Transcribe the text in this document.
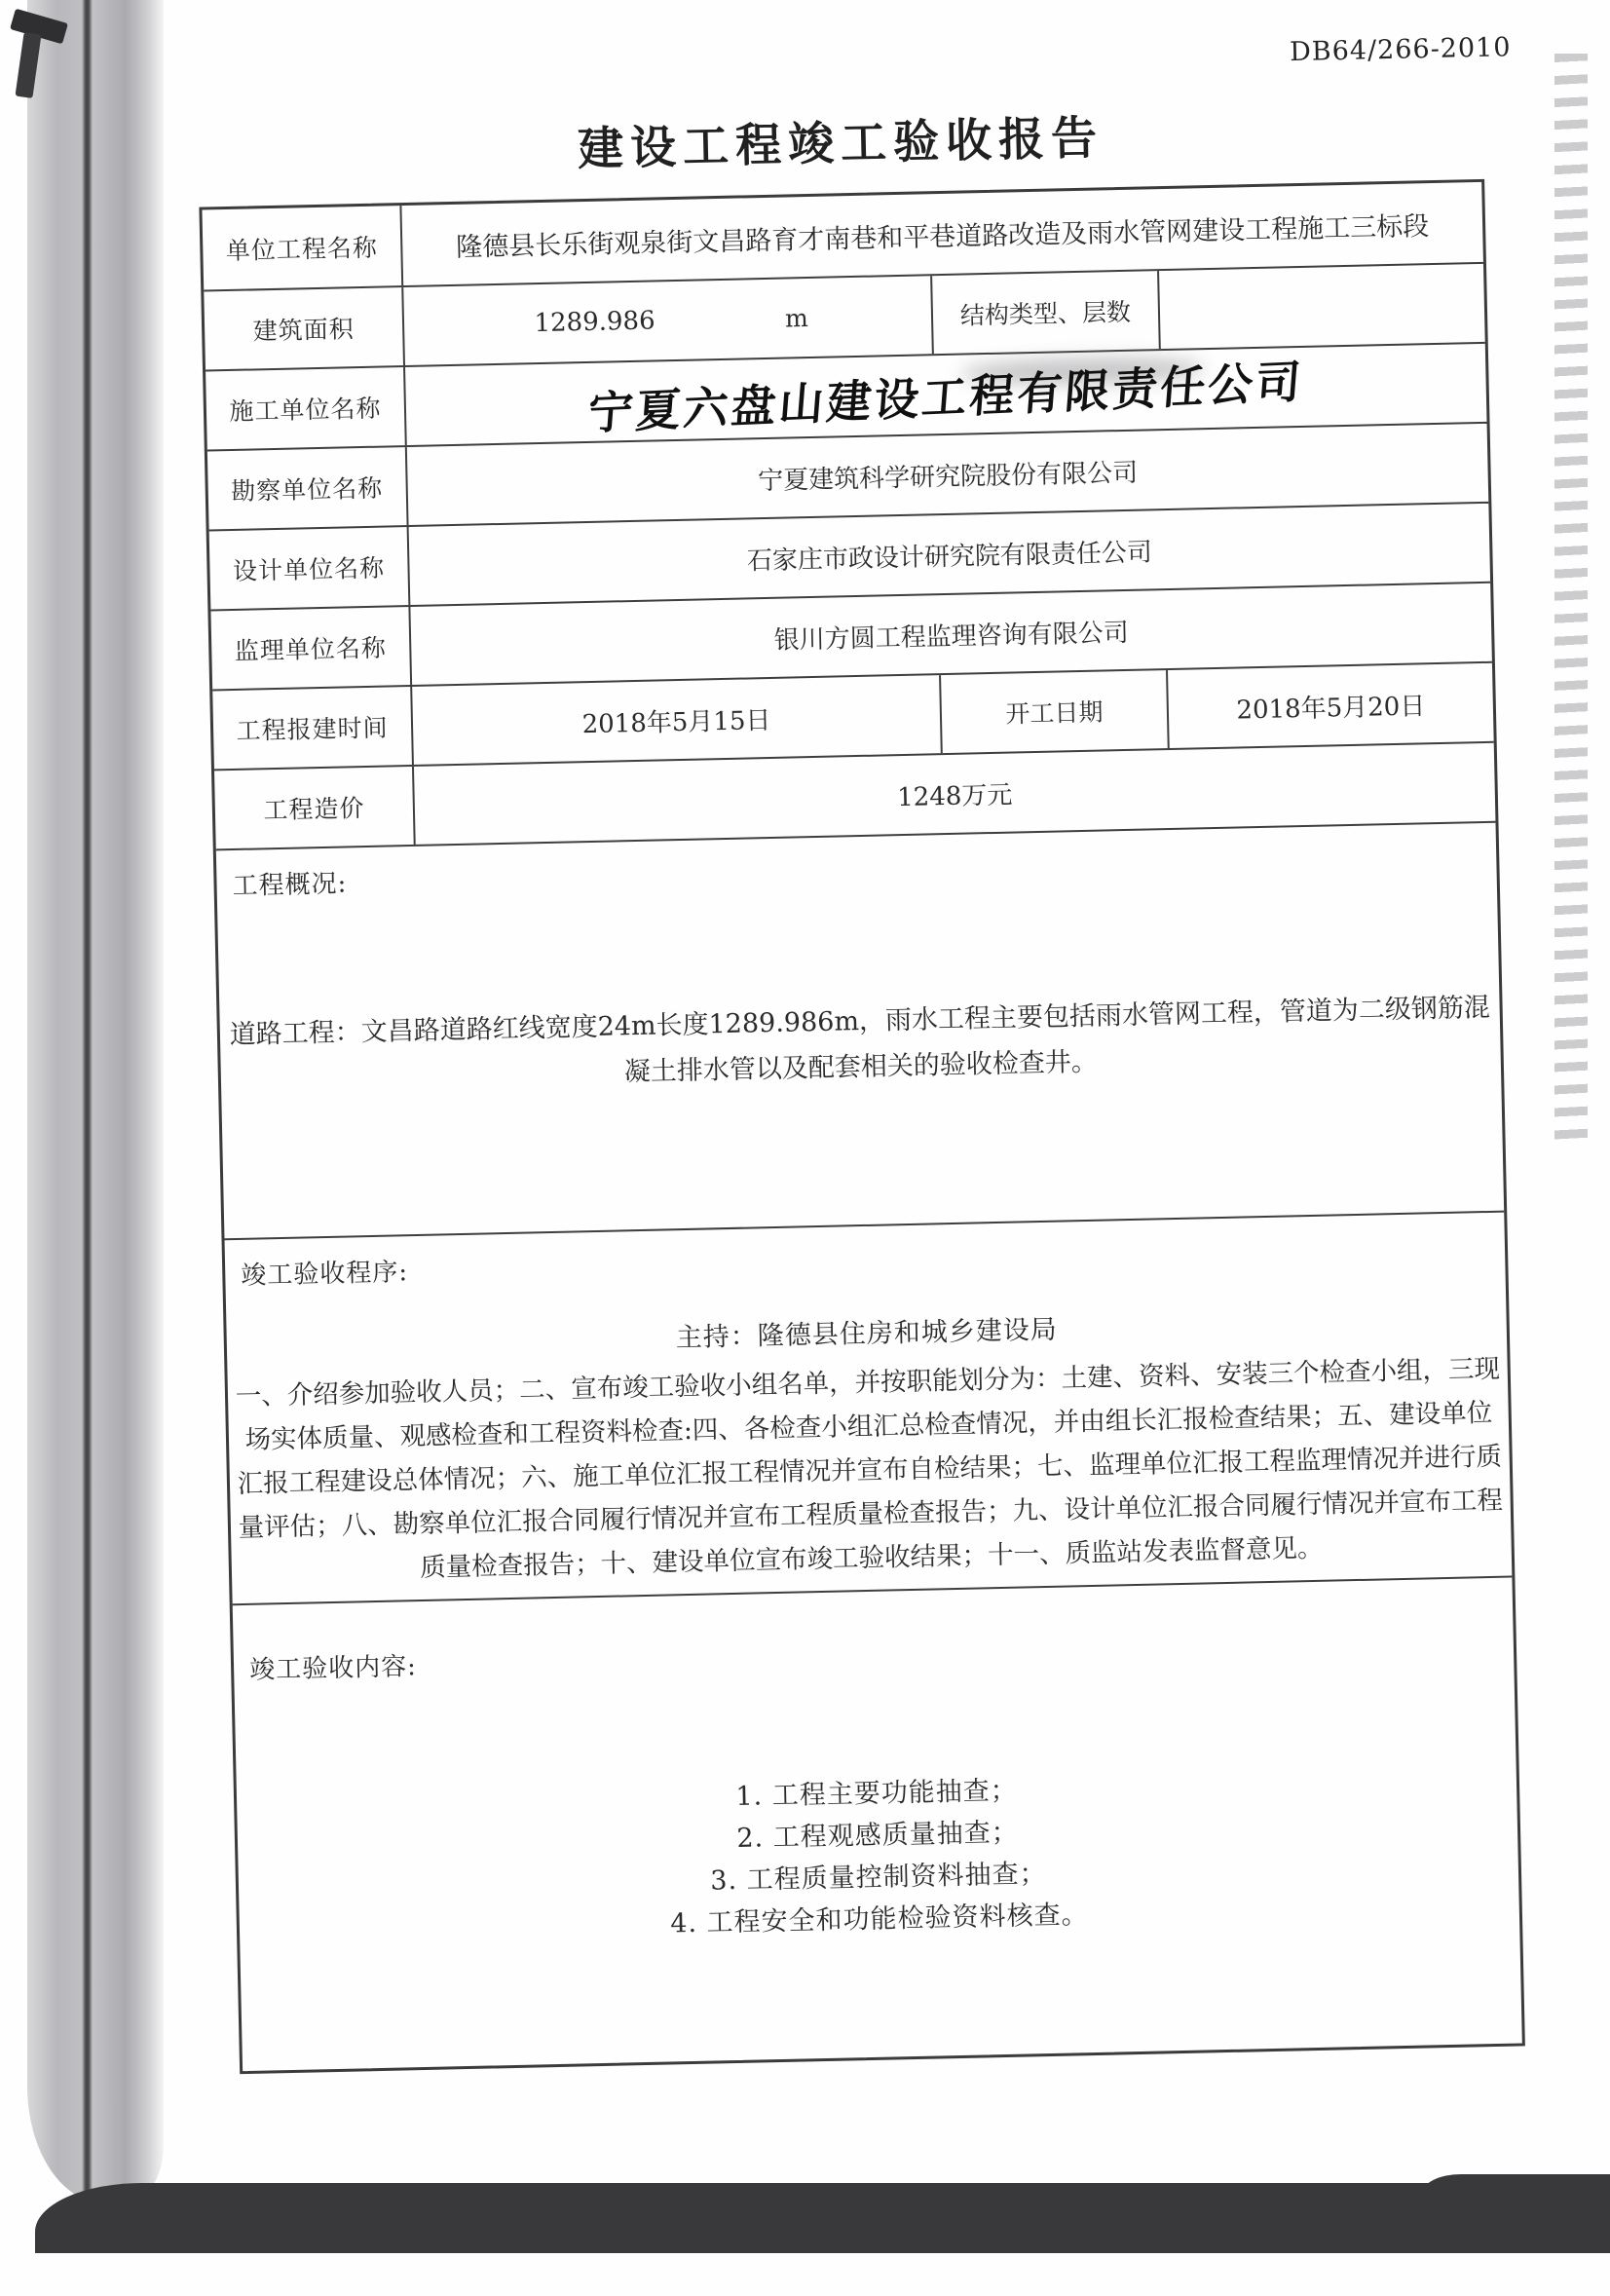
DB64/266-2010
建设工程竣工验收报告
单位工程名称	隆德县长乐街观泉街文昌路育才南巷和平巷道路改造及雨水管网建设工程施工三标段
建筑面积	1289.986	m	结构类型、层数
施工单位名称	宁夏六盘山建设工程有限责任公司
勘察单位名称	宁夏建筑科学研究院股份有限公司
设计单位名称	石家庄市政设计研究院有限责任公司
监理单位名称	银川方圆工程监理咨询有限公司
工程报建时间	2018年5月15日	开工日期	2018年5月20日
工程造价	1248万元
工程概况:
道路工程：文昌路道路红线宽度24m长度1289.986m，雨水工程主要包括雨水管网工程，管道为二级钢筋混凝土排水管以及配套相关的验收检查井。
竣工验收程序:
主持：隆德县住房和城乡建设局
一、介绍参加验收人员；二、宣布竣工验收小组名单，并按职能划分为：土建、资料、安装三个检查小组，三现场实体质量、观感检查和工程资料检查:四、各检查小组汇总检查情况，并由组长汇报检查结果；五、建设单位汇报工程建设总体情况；六、施工单位汇报工程情况并宣布自检结果；七、监理单位汇报工程监理情况并进行质量评估；八、勘察单位汇报合同履行情况并宣布工程质量检查报告；九、设计单位汇报合同履行情况并宣布工程质量检查报告；十、建设单位宣布竣工验收结果；十一、质监站发表监督意见。
竣工验收内容:
1. 工程主要功能抽查；
2. 工程观感质量抽查；
3. 工程质量控制资料抽查；
4. 工程安全和功能检验资料核查。
